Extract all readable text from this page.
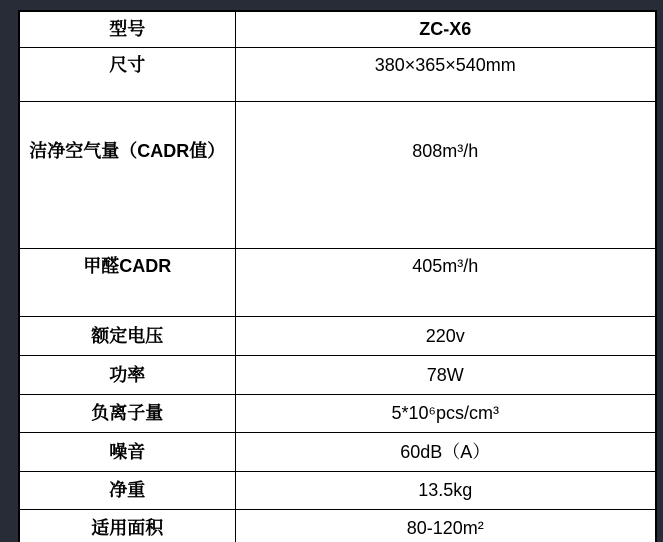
型号	ZC-X6
尺寸	380×365×540mm
洁净空气量（CADR值）	808m³/h
甲醛CADR	405m³/h
额定电压	220v
功率	78W
负离子量	5*10⁶pcs/cm³
噪音	60dB（A）
净重	13.5kg
适用面积	80-120m²
